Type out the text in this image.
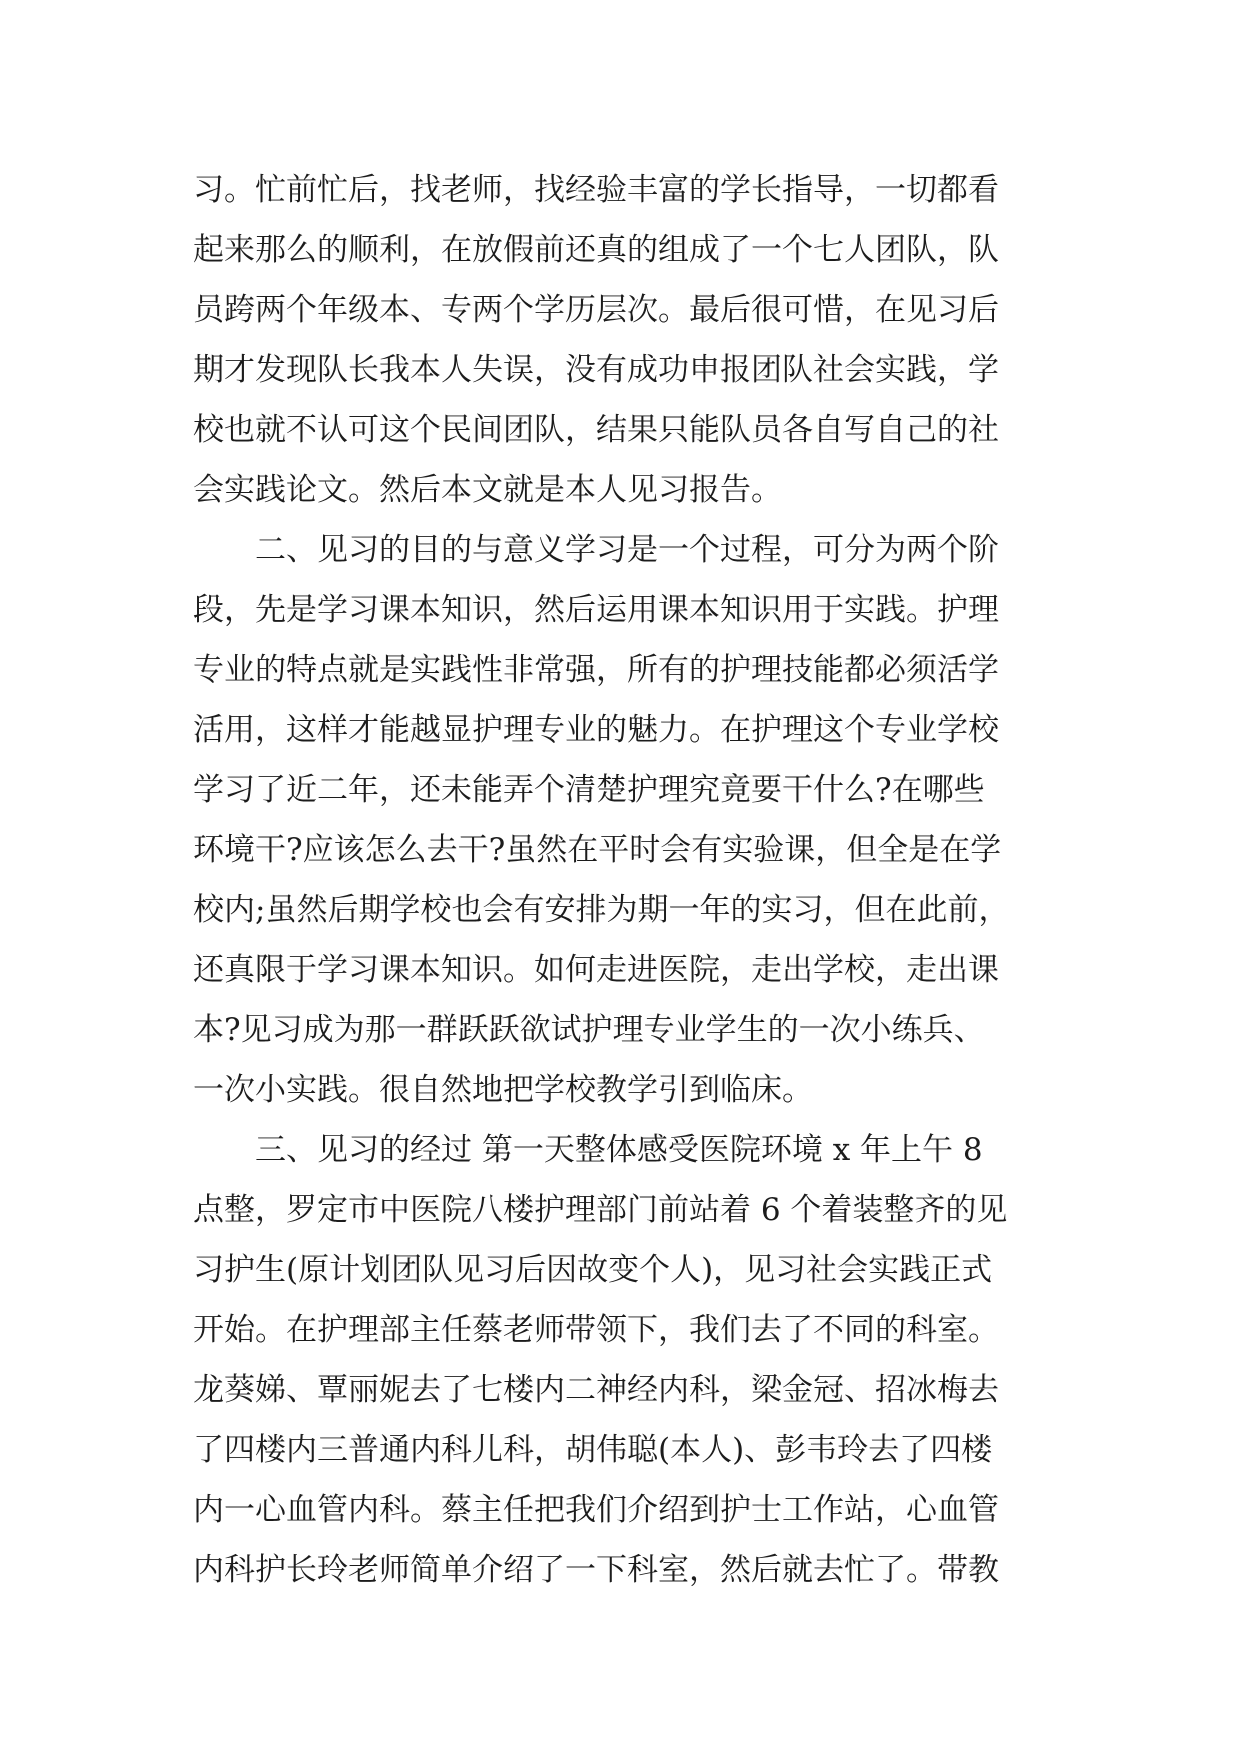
习。忙前忙后，找老师，找经验丰富的学长指导，一切都看
起来那么的顺利，在放假前还真的组成了一个七人团队，队
员跨两个年级本、专两个学历层次。最后很可惜，在见习后
期才发现队长我本人失误，没有成功申报团队社会实践，学
校也就不认可这个民间团队，结果只能队员各自写自己的社
会实践论文。然后本文就是本人见习报告。
　　二、见习的目的与意义学习是一个过程，可分为两个阶
段，先是学习课本知识，然后运用课本知识用于实践。护理
专业的特点就是实践性非常强，所有的护理技能都必须活学
活用，这样才能越显护理专业的魅力。在护理这个专业学校
学习了近二年，还未能弄个清楚护理究竟要干什么?在哪些
环境干?应该怎么去干?虽然在平时会有实验课，但全是在学
校内;虽然后期学校也会有安排为期一年的实习，但在此前，
还真限于学习课本知识。如何走进医院，走出学校，走出课
本?见习成为那一群跃跃欲试护理专业学生的一次小练兵、
一次小实践。很自然地把学校教学引到临床。
　　三、见习的经过 第一天整体感受医院环境 x 年上午 8
点整，罗定市中医院八楼护理部门前站着 6 个着装整齐的见
习护生(原计划团队见习后因故变个人)，见习社会实践正式
开始。在护理部主任蔡老师带领下，我们去了不同的科室。
龙葵娣、覃丽妮去了七楼内二神经内科，梁金冠、招冰梅去
了四楼内三普通内科儿科，胡伟聪(本人)、彭韦玲去了四楼
内一心血管内科。蔡主任把我们介绍到护士工作站，心血管
内科护长玲老师简单介绍了一下科室，然后就去忙了。带教
